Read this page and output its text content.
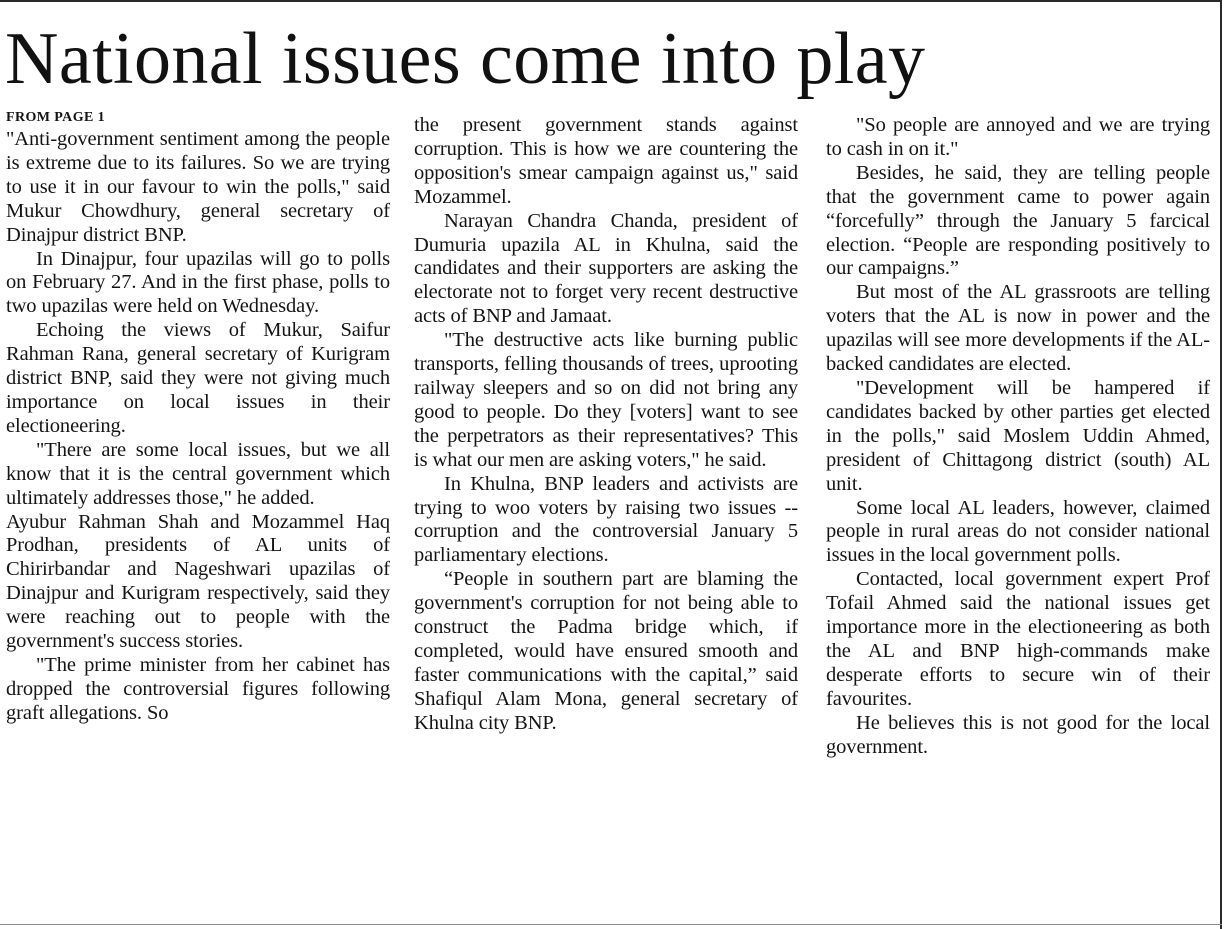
National issues come into play
FROM PAGE 1

"Anti-government sentiment among the people is extreme due to its failures. So we are trying to use it in our favour to win the polls," said Mukur Chowdhury, general secretary of Dinajpur district BNP.

In Dinajpur, four upazilas will go to polls on February 27. And in the first phase, polls to two upazilas were held on Wednesday.

Echoing the views of Mukur, Saifur Rahman Rana, general secretary of Kurigram district BNP, said they were not giving much importance on local issues in their electioneering.

"There are some local issues, but we all know that it is the central government which ultimately addresses those," he added.

Ayubur Rahman Shah and Mozammel Haq Prodhan, presidents of AL units of Chirirbandar and Nageshwari upazilas of Dinajpur and Kurigram respectively, said they were reaching out to people with the government's success stories.

"The prime minister from her cabinet has dropped the controversial figures following graft allegations. So

the present government stands against corruption. This is how we are countering the opposition's smear campaign against us," said Mozammel.

Narayan Chandra Chanda, president of Dumuria upazila AL in Khulna, said the candidates and their supporters are asking the electorate not to forget very recent destructive acts of BNP and Jamaat.

"The destructive acts like burning public transports, felling thousands of trees, uprooting railway sleepers and so on did not bring any good to people. Do they [voters] want to see the perpetrators as their representatives? This is what our men are asking voters," he said.

In Khulna, BNP leaders and activists are trying to woo voters by raising two issues -- corruption and the controversial January 5 parliamentary elections.

“People in southern part are blaming the government's corruption for not being able to construct the Padma bridge which, if completed, would have ensured smooth and faster communications with the capital,” said Shafiqul Alam Mona, general secretary of Khulna city BNP.

"So people are annoyed and we are trying to cash in on it."

Besides, he said, they are telling people that the government came to power again “forcefully” through the January 5 farcical election. “People are responding positively to our campaigns.”

But most of the AL grassroots are telling voters that the AL is now in power and the upazilas will see more developments if the AL-backed candidates are elected.

"Development will be hampered if candidates backed by other parties get elected in the polls," said Moslem Uddin Ahmed, president of Chittagong district (south) AL unit.

Some local AL leaders, however, claimed people in rural areas do not consider national issues in the local government polls.

Contacted, local government expert Prof Tofail Ahmed said the national issues get importance more in the electioneering as both the AL and BNP high-commands make desperate efforts to secure win of their favourites.

He believes this is not good for the local government.
